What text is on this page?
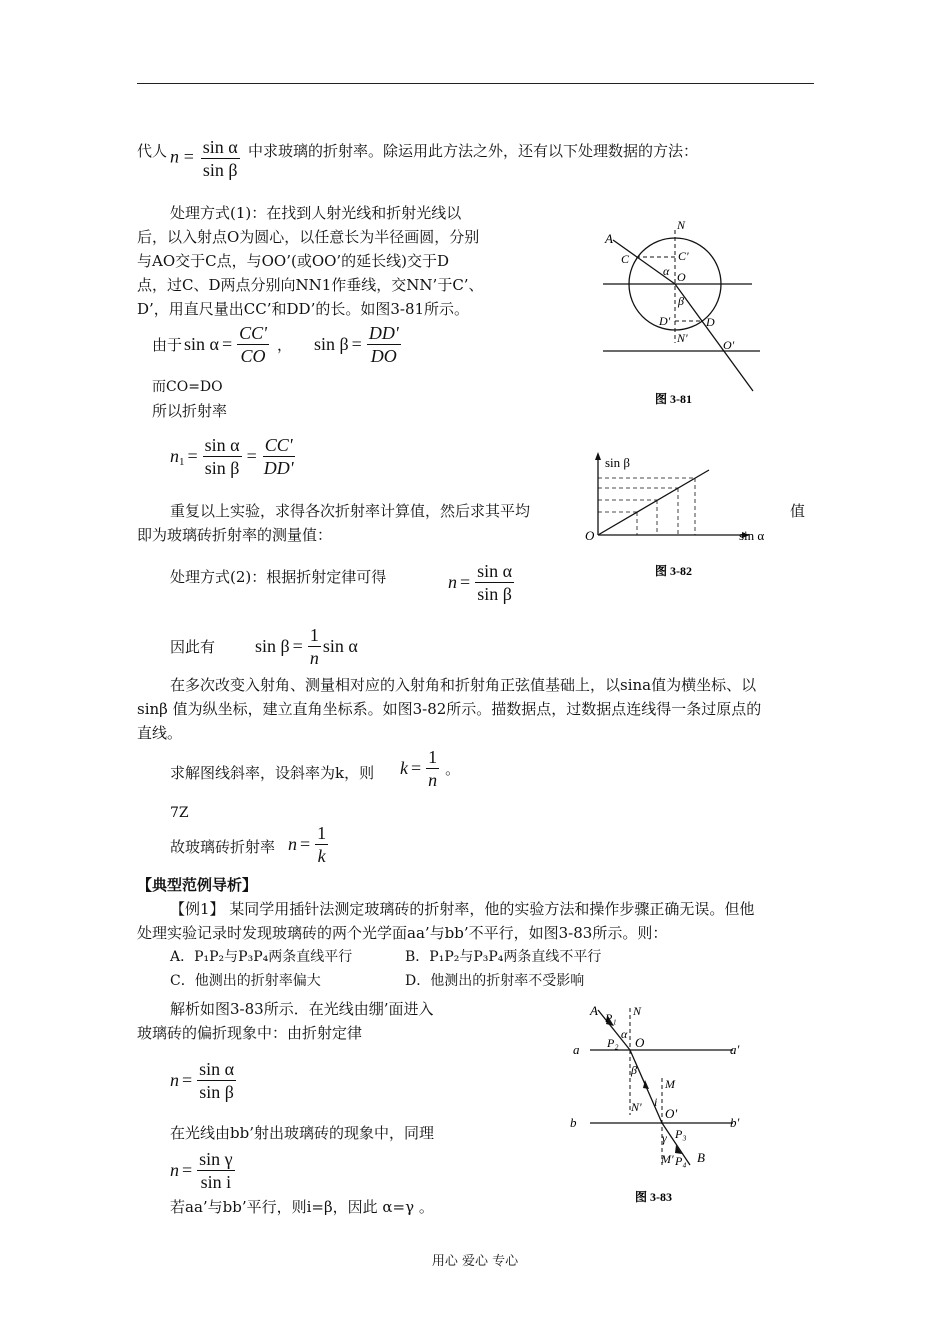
代人 $n = \frac{\text{sin α}}{\text{sin β}}$ 中求玻璃的折射率。除运用此方法之外，还有以下处理数据的方法：
处理方式(1)：在找到人射光线和折射光线以
后，以入射点O为圆心，以任意长为半径画圆，分别
与AO交于C点，与OO’(或OO’的延长线)交于D
点，过C、D两点分别向NN1作垂线，交NN’于C’、
D’，用直尺量出CC’和DD’的长。如图3-81所示。
由于 $\sin \alpha = \frac{CC'}{CO}$ ， $\sin \beta = \frac{DD'}{DO}$
而CO=DO
所以折射率
n $1 = \frac{\text{sin α}}{\text{sin β}} = \frac{CC'}{DD'}$
A
N
C	C'
α O
β
D'	D
N'	O'
图 3-81
sin β
sin α
O
图 3-82
重复以上实验，求得各次折射率计算值，然后求其平均	值
即为玻璃砖折射率的测量值：
处理方式(2)：根据折射定律可得	$n = \frac{\text{sin α}}{\text{sin β}}$
因此有 $\sin \beta = \frac{1}{n}$ sin α
在多次改变入射角、测量相对应的入射角和折射角正弦值基础上，以sina值为横坐标、以
sinβ 值为纵坐标，建立直角坐标系。如图3-82所示。描数据点，过数据点连线得一条过原点的
直线。
求解图线斜率，设斜率为k，则 $k = \frac{1}{n}$ 。
7Z
故玻璃砖折射率 $n = \frac{1}{k}$
【典型范例导析】
【例1】 某同学用插针法测定玻璃砖的折射率，他的实验方法和操作步骤正确无误。但他
处理实验记录时发现玻璃砖的两个光学面aa’与bb’不平行，如图3-83所示。则：
A．P₁P₂与P₃P₄两条直线平行	B．P₁P₂与P₃P₄两条直线不平行
C．他测出的折射率偏大	D．他测出的折射率不受影响
解析如图3-83所示．在光线由绷’面进入
玻璃砖的偏折现象中：由折射定律
$n = \frac{\text{sin α}}{\text{sin β}}$
在光线由bb’射出玻璃砖的现象中，同理
$n = \frac{\text{sin γ}}{\text{sin i}}$
若aa’与bb’平行，则i=β，因此 α=γ 。
A P₁ N
α
P₂ O
a	a'
β
M
N' i
O'
b	b'
γ P₃
M' P₄ B
图 3-83
用心 爱心 专心
